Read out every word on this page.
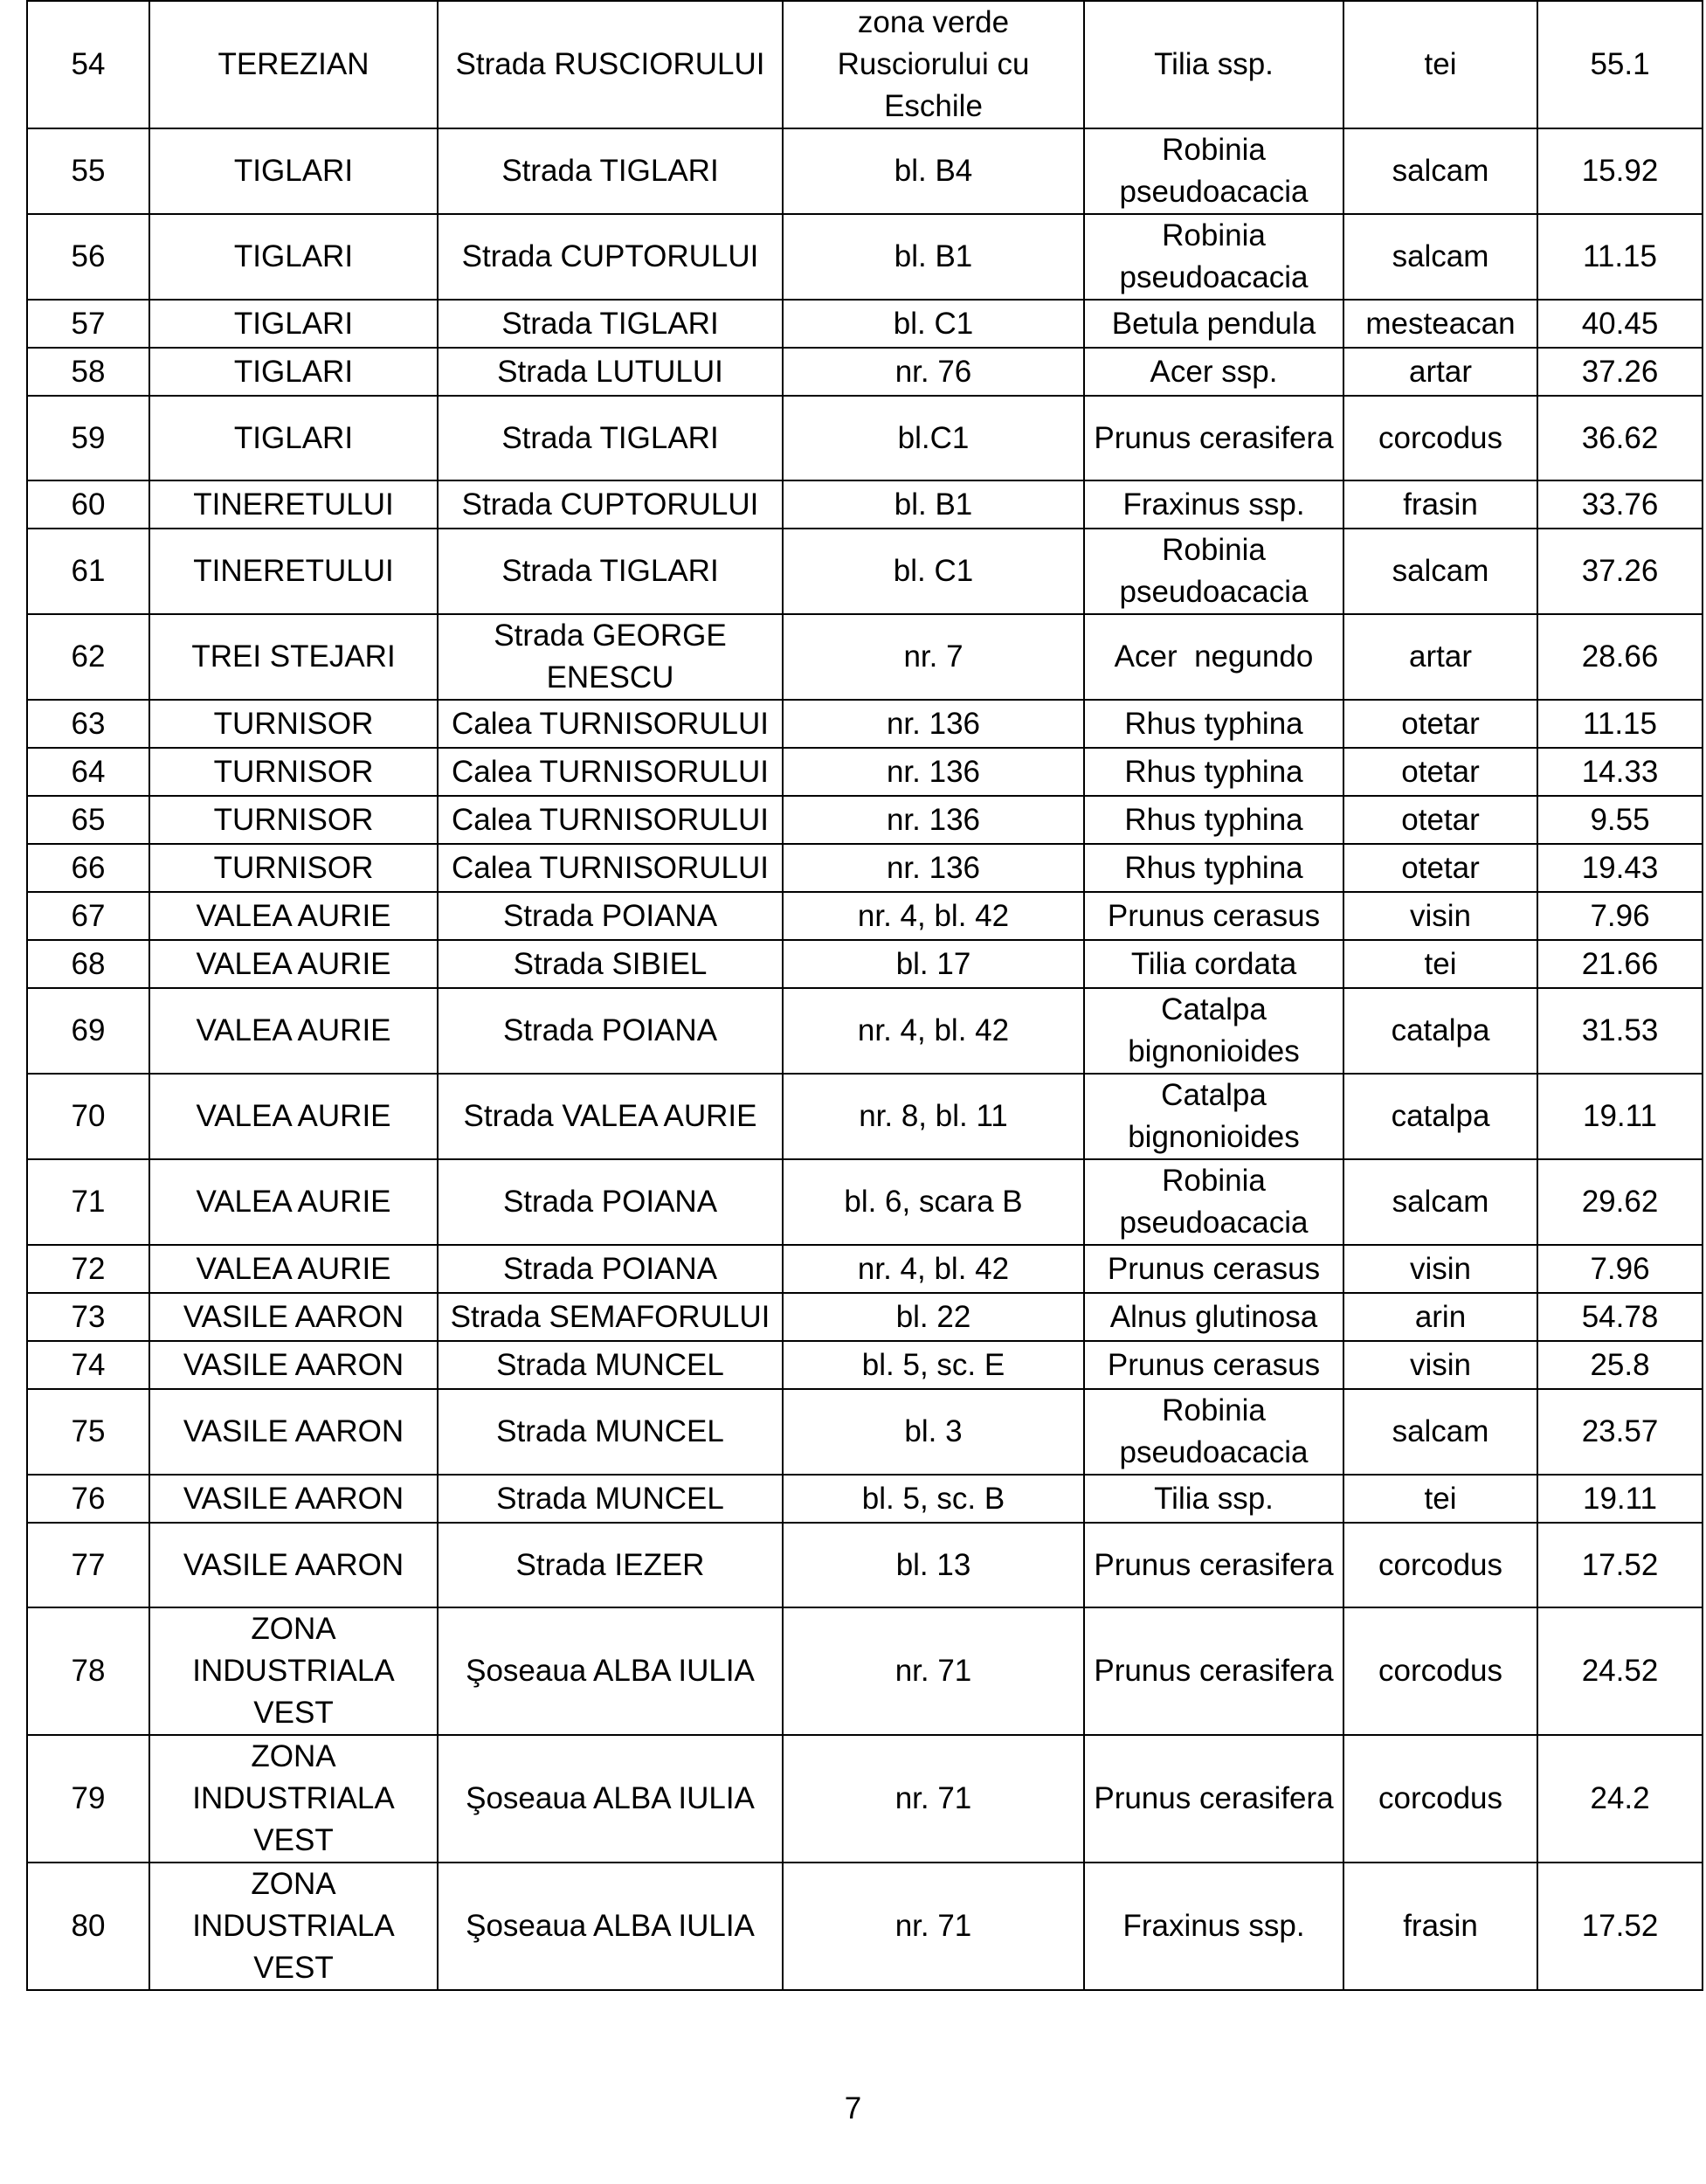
54	TEREZIAN	Strada RUSCIORULUI	zona verde Rusciorului cu Eschile	Tilia ssp.	tei	55.1
55	TIGLARI	Strada TIGLARI	bl. B4	Robinia pseudoacacia	salcam	15.92
56	TIGLARI	Strada CUPTORULUI	bl. B1	Robinia pseudoacacia	salcam	11.15
57	TIGLARI	Strada TIGLARI	bl. C1	Betula pendula	mesteacan	40.45
58	TIGLARI	Strada LUTULUI	nr. 76	Acer ssp.	artar	37.26
59	TIGLARI	Strada TIGLARI	bl.C1	Prunus cerasifera	corcodus	36.62
60	TINERETULUI	Strada CUPTORULUI	bl. B1	Fraxinus ssp.	frasin	33.76
61	TINERETULUI	Strada TIGLARI	bl. C1	Robinia pseudoacacia	salcam	37.26
62	TREI STEJARI	Strada GEORGE ENESCU	nr. 7	Acer  negundo	artar	28.66
63	TURNISOR	Calea TURNISORULUI	nr. 136	Rhus typhina	otetar	11.15
64	TURNISOR	Calea TURNISORULUI	nr. 136	Rhus typhina	otetar	14.33
65	TURNISOR	Calea TURNISORULUI	nr. 136	Rhus typhina	otetar	9.55
66	TURNISOR	Calea TURNISORULUI	nr. 136	Rhus typhina	otetar	19.43
67	VALEA AURIE	Strada POIANA	nr. 4, bl. 42	Prunus cerasus	visin	7.96
68	VALEA AURIE	Strada SIBIEL	bl. 17	Tilia cordata	tei	21.66
69	VALEA AURIE	Strada POIANA	nr. 4, bl. 42	Catalpa bignonioides	catalpa	31.53
70	VALEA AURIE	Strada VALEA AURIE	nr. 8, bl. 11	Catalpa bignonioides	catalpa	19.11
71	VALEA AURIE	Strada POIANA	bl. 6, scara B	Robinia pseudoacacia	salcam	29.62
72	VALEA AURIE	Strada POIANA	nr. 4, bl. 42	Prunus cerasus	visin	7.96
73	VASILE AARON	Strada SEMAFORULUI	bl. 22	Alnus glutinosa	arin	54.78
74	VASILE AARON	Strada MUNCEL	bl. 5, sc. E	Prunus cerasus	visin	25.8
75	VASILE AARON	Strada MUNCEL	bl. 3	Robinia pseudoacacia	salcam	23.57
76	VASILE AARON	Strada MUNCEL	bl. 5, sc. B	Tilia ssp.	tei	19.11
77	VASILE AARON	Strada IEZER	bl. 13	Prunus cerasifera	corcodus	17.52
78	ZONA INDUSTRIALA VEST	Şoseaua ALBA IULIA	nr. 71	Prunus cerasifera	corcodus	24.52
79	ZONA INDUSTRIALA VEST	Şoseaua ALBA IULIA	nr. 71	Prunus cerasifera	corcodus	24.2
80	ZONA INDUSTRIALA VEST	Şoseaua ALBA IULIA	nr. 71	Fraxinus ssp.	frasin	17.52
7
